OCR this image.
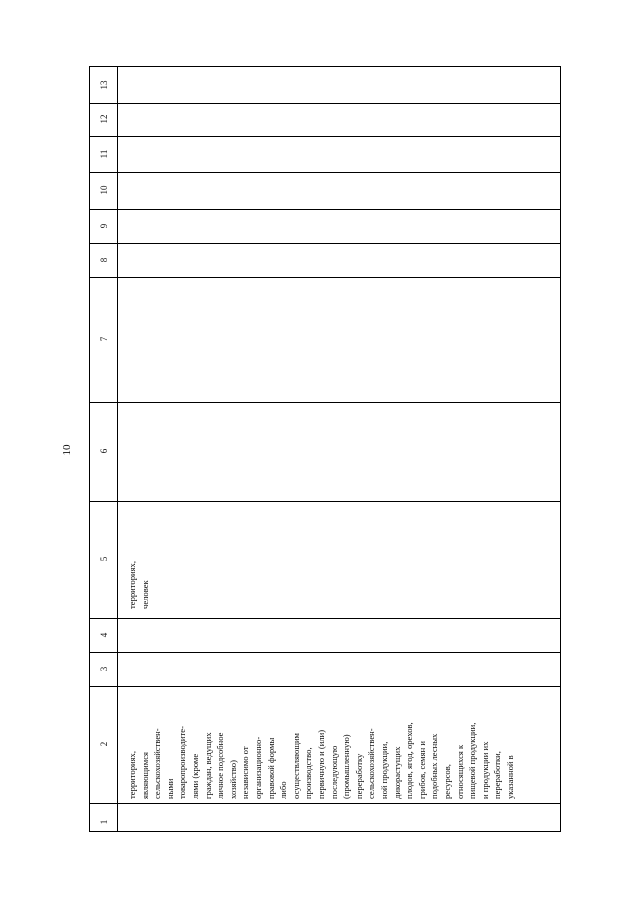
10
13
12
11
10
9
8
7
6
5
4
3
2
1
территориях, человек
территориях, являющимся сельскохозяйствен- ными товаропроизводите- лями (кроме граждан, ведущих личное подсобное хозяйство) независимо от организационно- правовой формы либо осуществляющим производство, первичную и (или) последующую (промышленную) переработку сельскохозяйствен- ной продукции, дикорастущих плодов, ягод, орехов, грибов, семян и подобных лесных ресурсов, относящихся к пищевой продукции, и продукции их переработки, указанной в
